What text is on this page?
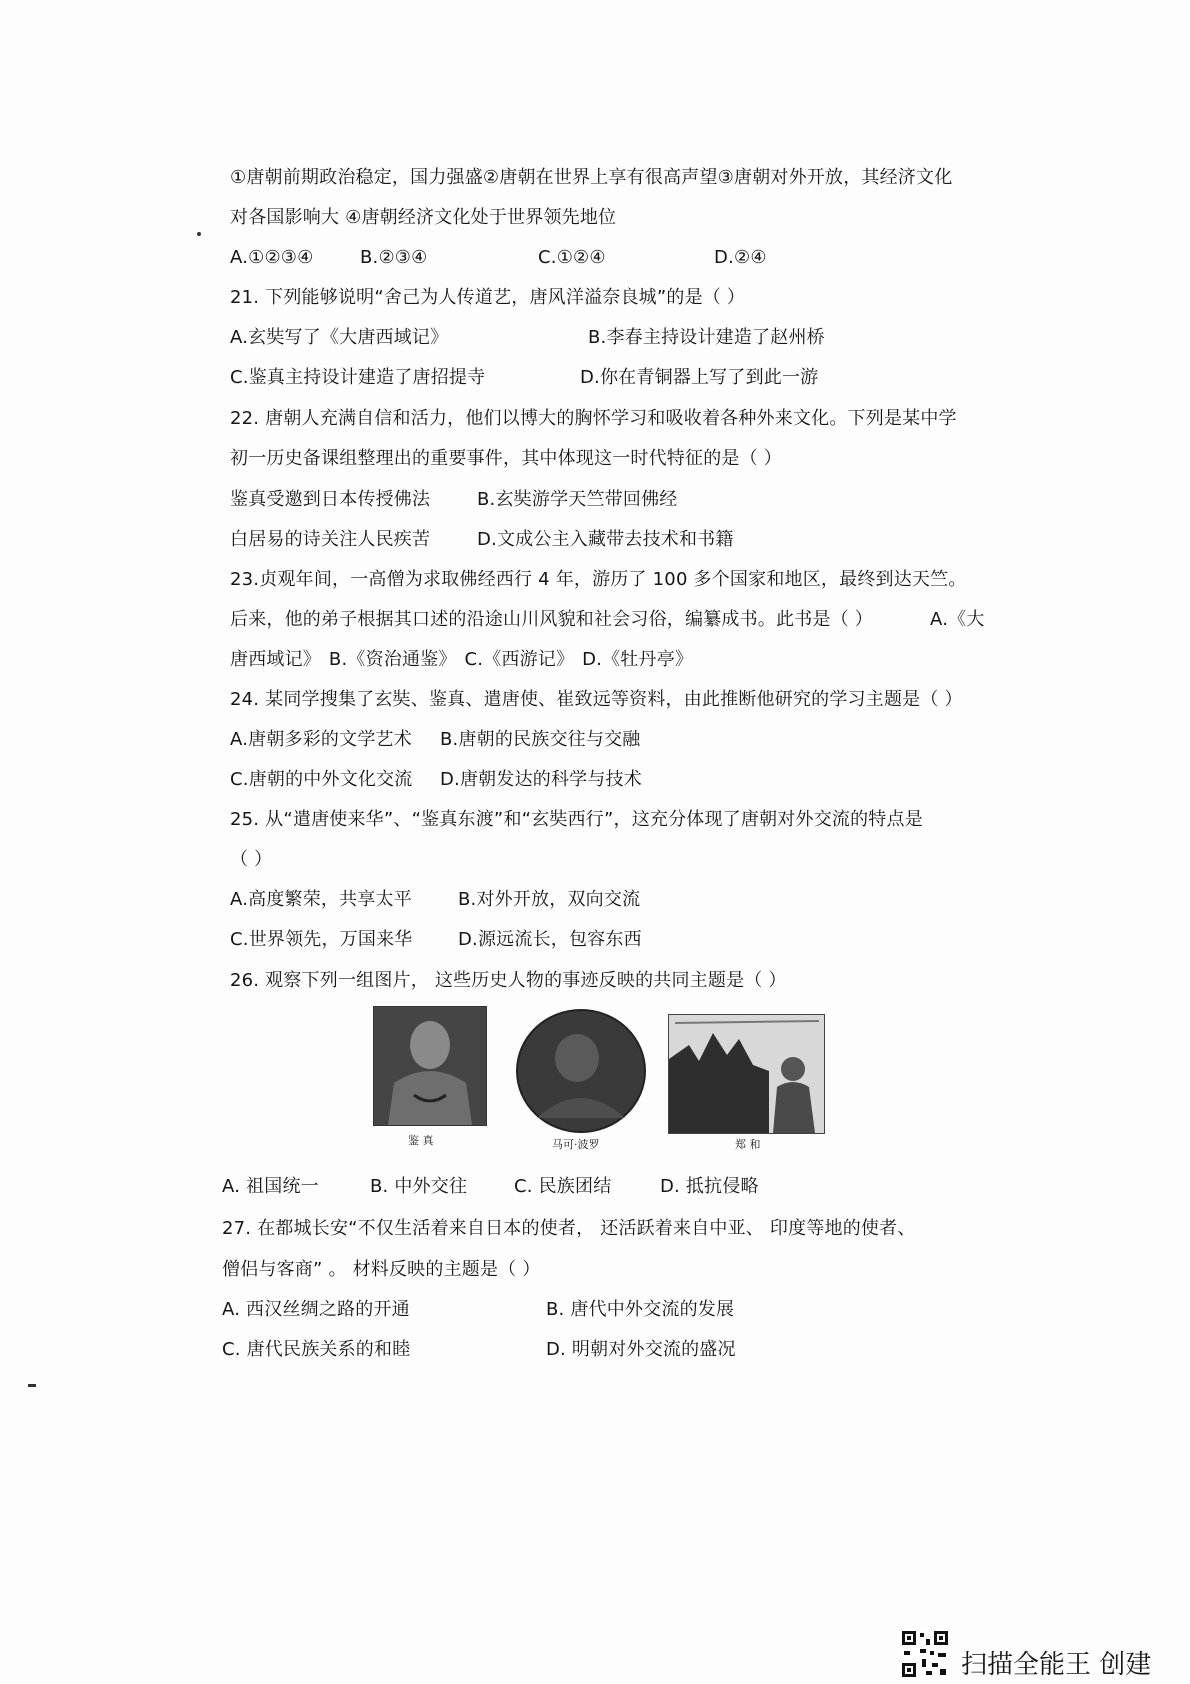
①唐朝前期政治稳定，国力强盛②唐朝在世界上享有很高声望③唐朝对外开放，其经济文化
对各国影响大 ④唐朝经济文化处于世界领先地位
A.①②③④	B.②③④	C.①②④	D.②④
21. 下列能够说明“舍己为人传道艺，唐风洋溢奈良城”的是（ ）
A.玄奘写了《大唐西域记》	B.李春主持设计建造了赵州桥
C.鉴真主持设计建造了唐招提寺	D.你在青铜器上写了到此一游
22. 唐朝人充满自信和活力，他们以博大的胸怀学习和吸收着各种外来文化。下列是某中学
初一历史备课组整理出的重要事件，其中体现这一时代特征的是（ ）
鉴真受邀到日本传授佛法	B.玄奘游学天竺带回佛经
白居易的诗关注人民疾苦	D.文成公主入藏带去技术和书籍
23.贞观年间，一高僧为求取佛经西行 4 年，游历了 100 多个国家和地区，最终到达天竺。
后来，他的弟子根据其口述的沿途山川风貌和社会习俗，编纂成书。此书是（ ）	A.《大
唐西域记》 B.《资治通鉴》 C.《西游记》 D.《牡丹亭》
24. 某同学搜集了玄奘、鉴真、遣唐使、崔致远等资料，由此推断他研究的学习主题是（ ）
A.唐朝多彩的文学艺术 B.唐朝的民族交往与交融
C.唐朝的中外文化交流 D.唐朝发达的科学与技术
25. 从“遣唐使来华”、“鉴真东渡”和“玄奘西行”，这充分体现了唐朝对外交流的特点是
（ ）
A.高度繁荣，共享太平	B.对外开放，双向交流
C.世界领先，万国来华	D.源远流长，包容东西
26. 观察下列一组图片， 这些历史人物的事迹反映的共同主题是（ ）
鉴 真	马可·波罗	郑 和
A. 祖国统一	B. 中外交往	C. 民族团结	D. 抵抗侵略
27. 在都城长安“不仅生活着来自日本的使者， 还活跃着来自中亚、 印度等地的使者、
僧侣与客商” 。 材料反映的主题是（ ）
A. 西汉丝绸之路的开通	B. 唐代中外交流的发展
C. 唐代民族关系的和睦	D. 明朝对外交流的盛况
扫描全能王 创建
